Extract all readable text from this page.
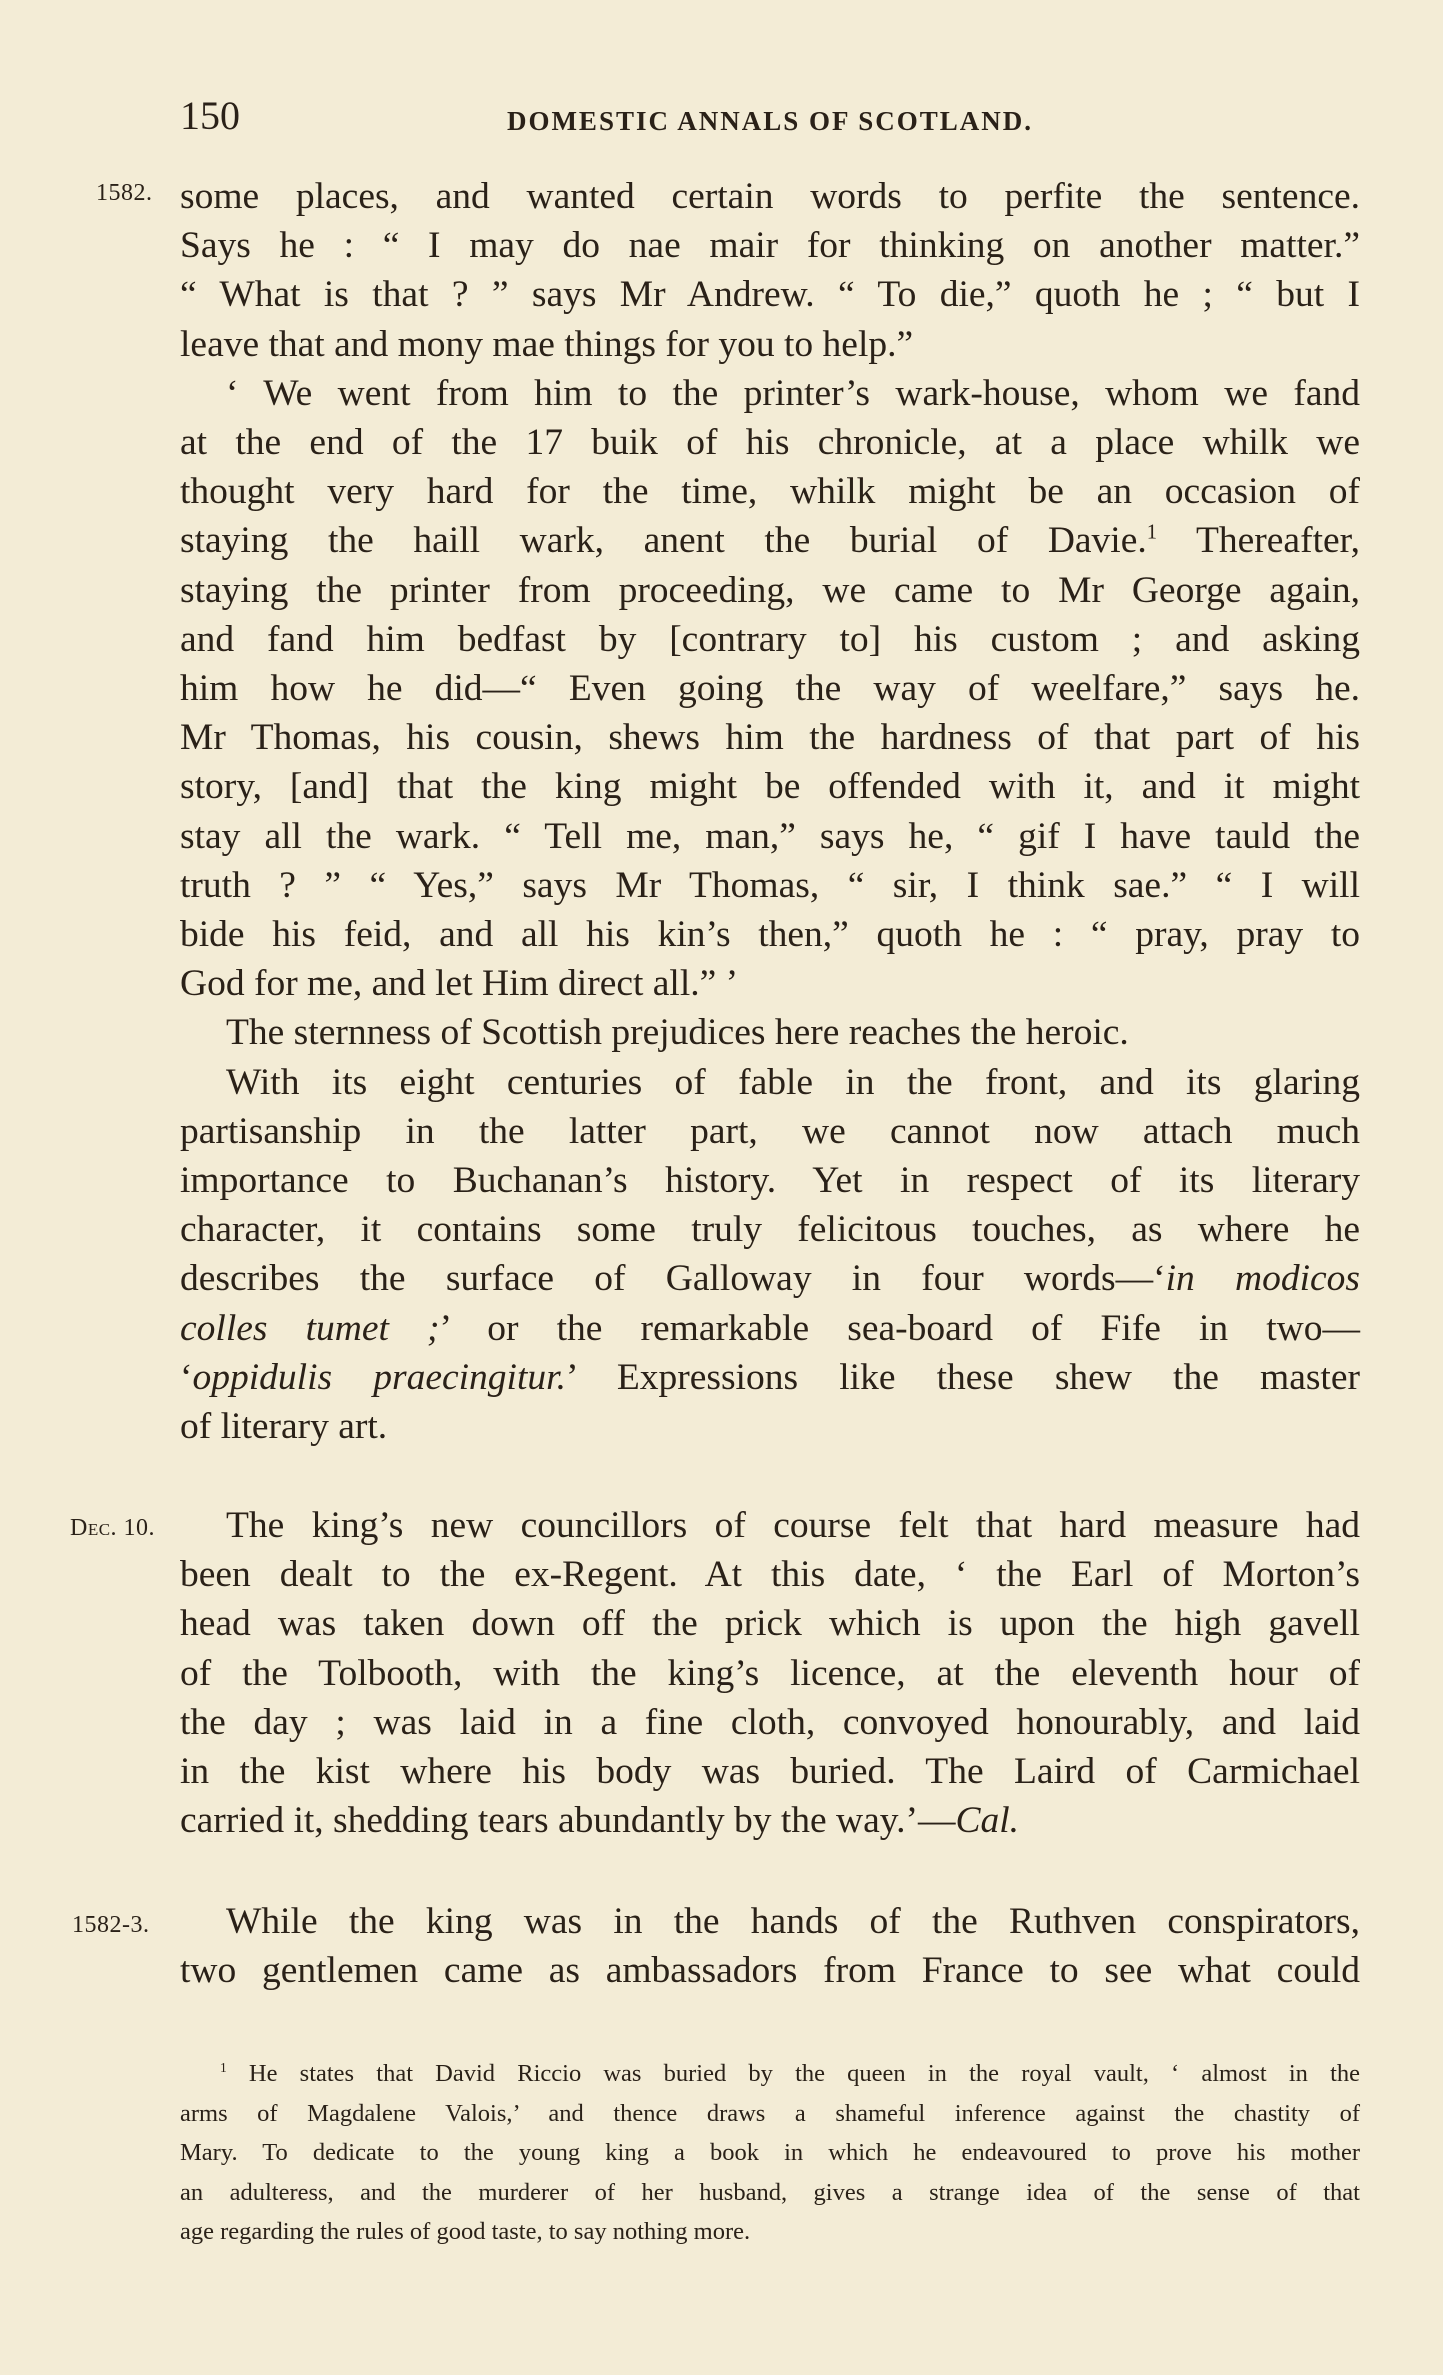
150	DOMESTIC ANNALS OF SCOTLAND.
1582.
Dec. 10.
1582-3.
some places, and wanted certain words to perfite the sentence.
Says he : “ I may do nae mair for thinking on another matter.”
“ What is that ? ” says Mr Andrew. “ To die,” quoth he ; “ but I
leave that and mony mae things for you to help.”
‘ We went from him to the printer’s wark-house, whom we fand
at the end of the 17 buik of his chronicle, at a place whilk we
thought very hard for the time, whilk might be an occasion of
staying the haill wark, anent the burial of Davie.$^1$ Thereafter,
staying the printer from proceeding, we came to Mr George again,
and fand him bedfast by [contrary to] his custom ; and asking
him how he did—“ Even going the way of weelfare,” says he.
Mr Thomas, his cousin, shews him the hardness of that part of his
story, [and] that the king might be offended with it, and it might
stay all the wark. “ Tell me, man,” says he, “ gif I have tauld the
truth ? ” “ Yes,” says Mr Thomas, “ sir, I think sae.” “ I will
bide his feid, and all his kin’s then,” quoth he : “ pray, pray to
God for me, and let Him direct all.” ’
The sternness of Scottish prejudices here reaches the heroic.
With its eight centuries of fable in the front, and its glaring
partisanship in the latter part, we cannot now attach much
importance to Buchanan’s history. Yet in respect of its literary
character, it contains some truly felicitous touches, as where he
describes the surface of Galloway in four words—‘in modicos
colles tumet ;’ or the remarkable sea-board of Fife in two—
‘oppidulis praecingitur.’ Expressions like these shew the master
of literary art.
The king’s new councillors of course felt that hard measure had
been dealt to the ex-Regent. At this date, ‘ the Earl of Morton’s
head was taken down off the prick which is upon the high gavell
of the Tolbooth, with the king’s licence, at the eleventh hour of
the day ; was laid in a fine cloth, convoyed honourably, and laid
in the kist where his body was buried. The Laird of Carmichael
carried it, shedding tears abundantly by the way.’—Cal.
While the king was in the hands of the Ruthven conspirators,
two gentlemen came as ambassadors from France to see what could
$^1$ He states that David Riccio was buried by the queen in the royal vault, ‘ almost in the
arms of Magdalene Valois,’ and thence draws a shameful inference against the chastity of
Mary. To dedicate to the young king a book in which he endeavoured to prove his mother
an adulteress, and the murderer of her husband, gives a strange idea of the sense of that
age regarding the rules of good taste, to say nothing more.
